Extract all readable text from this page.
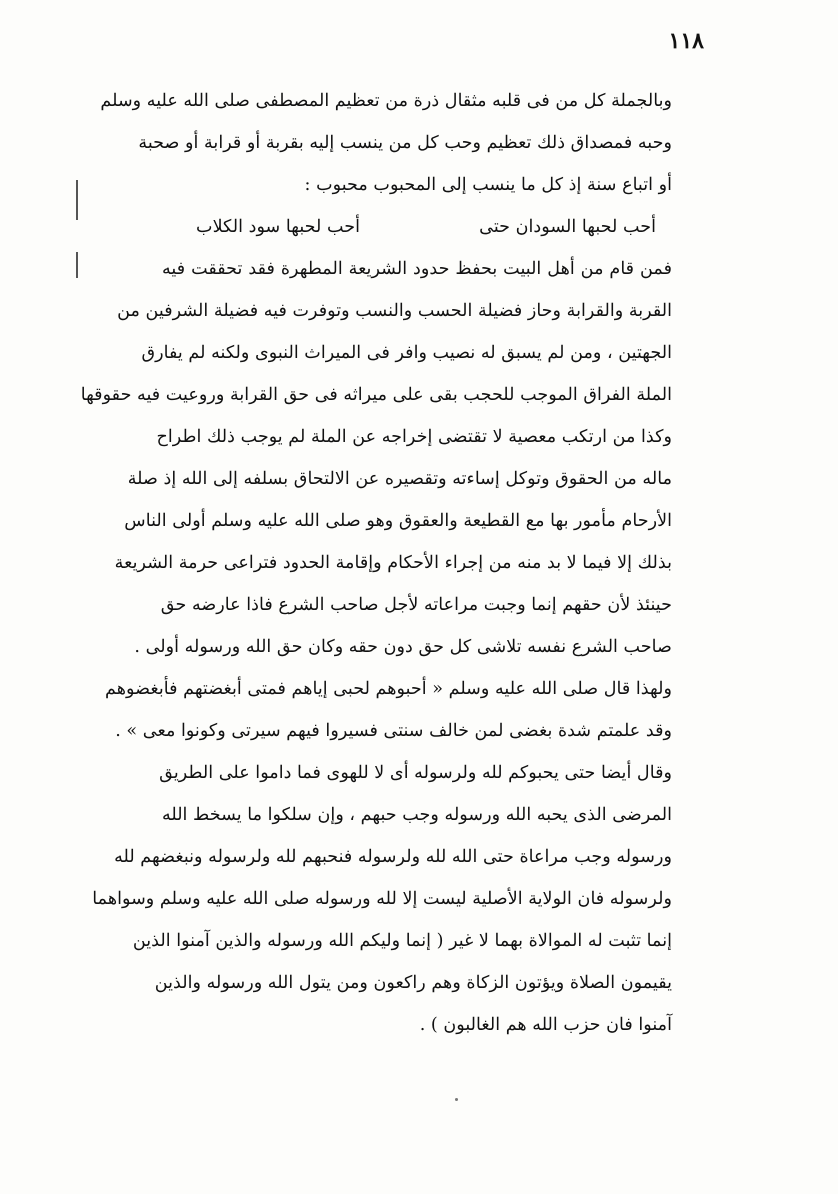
١١٨
وبالجملة كل من فى قلبه مثقال ذرة من تعظيم المصطفى صلى الله عليه وسلم
وحبه فمصداق ذلك تعظيم وحب كل من ينسب إليه بقربة أو قرابة أو صحبة
أو اتباع سنة إذ كل ما ينسب إلى المحبوب محبوب :
أحب لحبها السودان حتى
أحب لحبها سود الكلاب
فمن قام من أهل البيت بحفظ حدود الشريعة المطهرة فقد تحققت فيه
القربة والقرابة وحاز فضيلة الحسب والنسب وتوفرت فيه فضيلة الشرفين من
الجهتين ، ومن لم يسبق له نصيب وافر فى الميراث النبوى ولكنه لم يفارق
الملة الفراق الموجب للحجب بقى على ميراثه فى حق القرابة وروعيت فيه حقوقها
وكذا من ارتكب معصية لا تقتضى إخراجه عن الملة لم يوجب ذلك اطراح
ماله من الحقوق وتوكل إساءته وتقصيره عن الالتحاق بسلفه إلى الله إذ صلة
الأرحام مأمور بها مع القطيعة والعقوق وهو صلى الله عليه وسلم أولى الناس
بذلك إلا فيما لا بد منه من إجراء الأحكام وإقامة الحدود فتراعى حرمة الشريعة
حينئذ لأن حقهم إنما وجبت مراعاته لأجل صاحب الشرع فاذا عارضه حق
صاحب الشرع نفسه تلاشى كل حق دون حقه وكان حق الله ورسوله أولى .
ولهذا قال صلى الله عليه وسلم « أحبوهم لحبى إياهم فمتى أبغضتهم فأبغضوهم
وقد علمتم شدة بغضى لمن خالف سنتى فسيروا فيهم سيرتى وكونوا معى » .
وقال أيضا حتى يحبوكم لله ولرسوله أى لا للهوى فما داموا على الطريق
المرضى الذى يحبه الله ورسوله وجب حبهم ، وإن سلكوا ما يسخط الله
ورسوله وجب مراعاة حتى الله لله ولرسوله فنحبهم لله ولرسوله ونبغضهم لله
ولرسوله فان الولاية الأصلية ليست إلا لله ورسوله صلى الله عليه وسلم وسواهما
إنما تثبت له الموالاة بهما لا غير ( إنما وليكم الله ورسوله والذين آمنوا الذين
يقيمون الصلاة ويؤتون الزكاة وهم راكعون ومن يتول الله ورسوله والذين
آمنوا فان حزب الله هم الغالبون ) .
